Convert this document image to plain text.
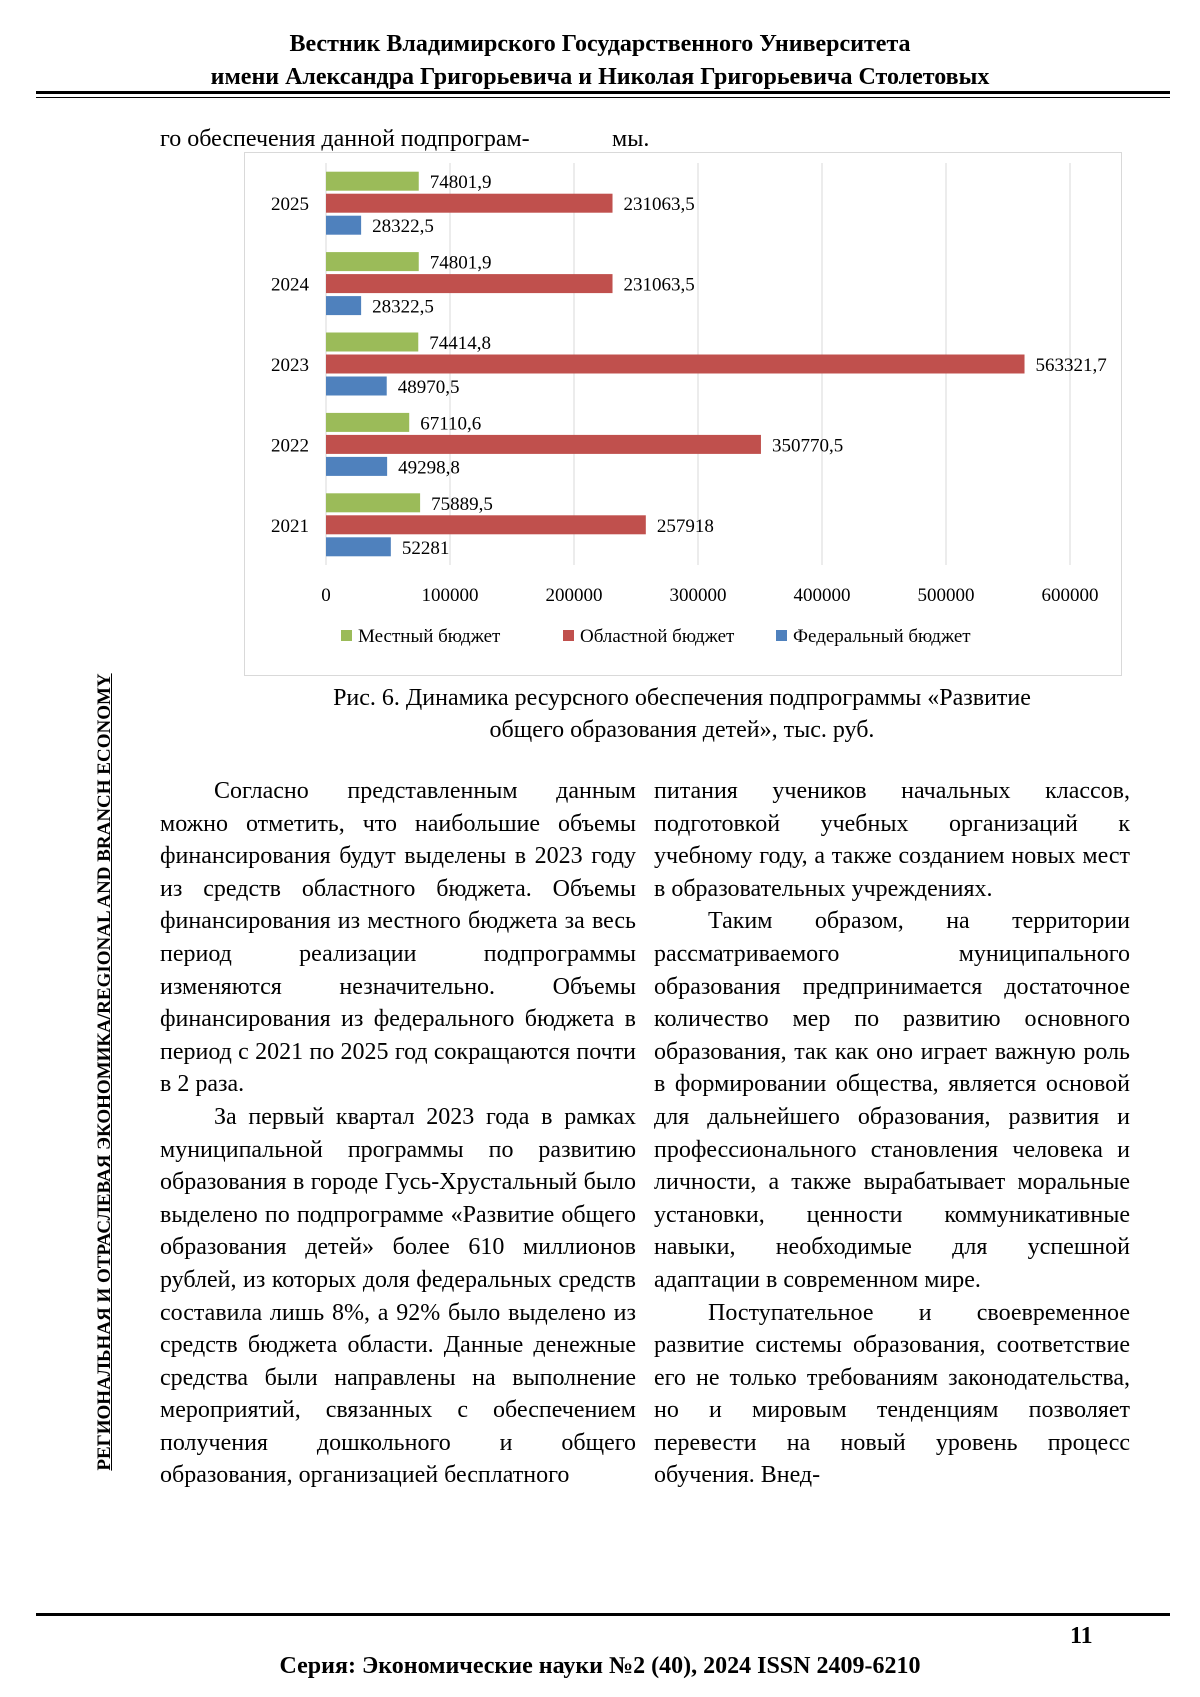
Вестник Владимирского Государственного Университета
имени Александра Григорьевича и Николая Григорьевича Столетовых
РЕГИОНАЛЬНАЯ И ОТРАСЛЕВАЯ ЭКОНОМИКА/REGIONAL AND BRANCH ECONOMY
го обеспечения данной подпрограм-	мы.
0	100000	200000	300000	400000	500000	600000
2021
75889,5
257918
52281
2022
67110,6
350770,5
49298,8
2023
74414,8
563321,7
48970,5
2024
74801,9
231063,5
28322,5
2025
74801,9
231063,5
28322,5
Местный бюджет	Областной бюджет	Федеральный бюджет
Рис. 6. Динамика ресурсного обеспечения подпрограммы «Развитие
общего образования детей», тыс. руб.

Согласно представленным данным можно отметить, что наибольшие объемы финансирования будут выделены в 2023 году из средств областного бюджета. Объемы финансирования из местного бюджета за весь период реализации подпрограммы изменяются незначительно. Объемы финансирования из федерального бюджета в период с 2021 по 2025 год сокращаются почти в 2 раза.

За первый квартал 2023 года в рамках муниципальной программы по развитию образования в городе Гусь-Хрустальный было выделено по подпрограмме «Развитие общего образования детей» более 610 миллионов рублей, из которых доля федеральных средств составила лишь 8%, а 92% было выделено из средств бюджета области. Данные денежные средства были направлены на выполнение мероприятий, связанных с обеспечением получения дошкольного и общего образования, организацией бесплатного

питания учеников начальных классов, подготовкой учебных организаций к учебному году, а также созданием новых мест в образовательных учреждениях.

Таким образом, на территории рассматриваемого муниципального образования предпринимается достаточное количество мер по развитию основного образования, так как оно играет важную роль в формировании общества, является основой для дальнейшего образования, развития и профессионального становления человека и личности, а также вырабатывает моральные установки, ценности коммуникативные навыки, необходимые для успешной адаптации в современном мире.

Поступательное и своевременное развитие системы образования, соответствие его не только требованиям законодательства, но и мировым тенденциям позволяет перевести на новый уровень процесс обучения. Внед-

11
Серия: Экономические науки №2 (40), 2024 ISSN 2409-6210
